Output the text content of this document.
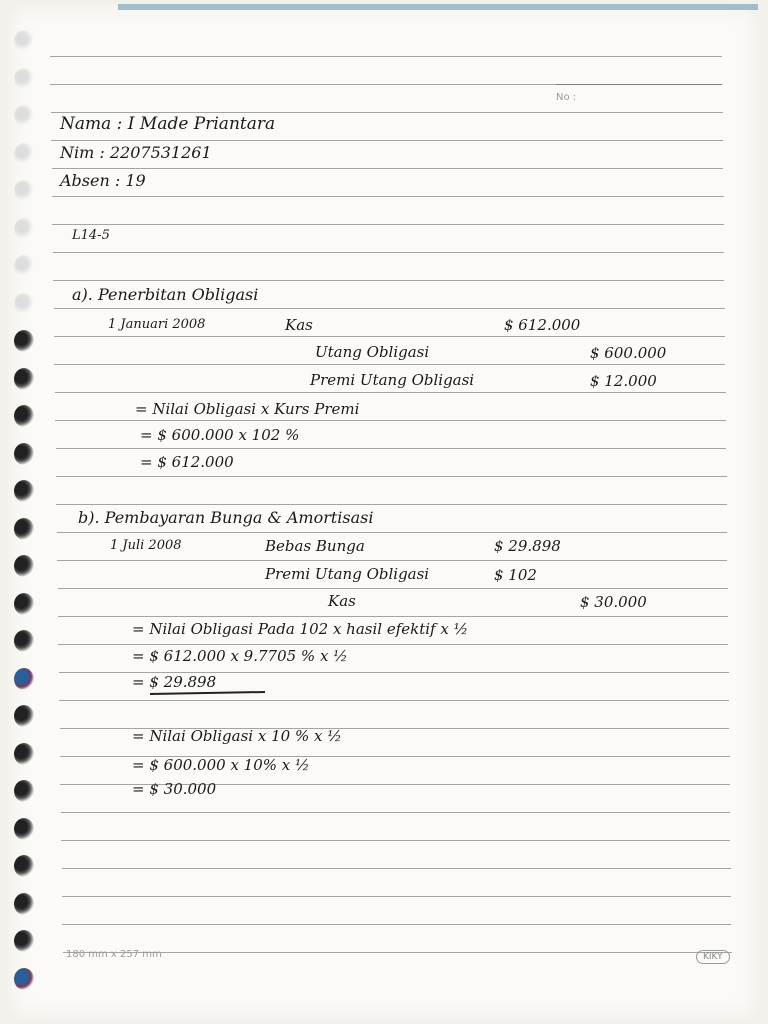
No :
Nama : I Made Priantara
Nim : 2207531261
Absen : 19
L14-5
a). Penerbitan Obligasi
1 Januari 2008	Kas	$ 612.000
Utang Obligasi	$ 600.000
Premi Utang Obligasi	$ 12.000
= Nilai Obligasi x Kurs Premi
= $ 600.000 x 102 %
= $ 612.000
b). Pembayaran Bunga & Amortisasi
1 Juli 2008	Bebas Bunga	$ 29.898
Premi Utang Obligasi	$ 102
Kas	$ 30.000
= Nilai Obligasi Pada 102 x hasil efektif x ½
= $ 612.000 x 9.7705 % x ½
= $ 29.898
= Nilai Obligasi x 10 % x ½
= $ 600.000 x 10% x ½
= $ 30.000
180 mm x 257 mm	KIKY
